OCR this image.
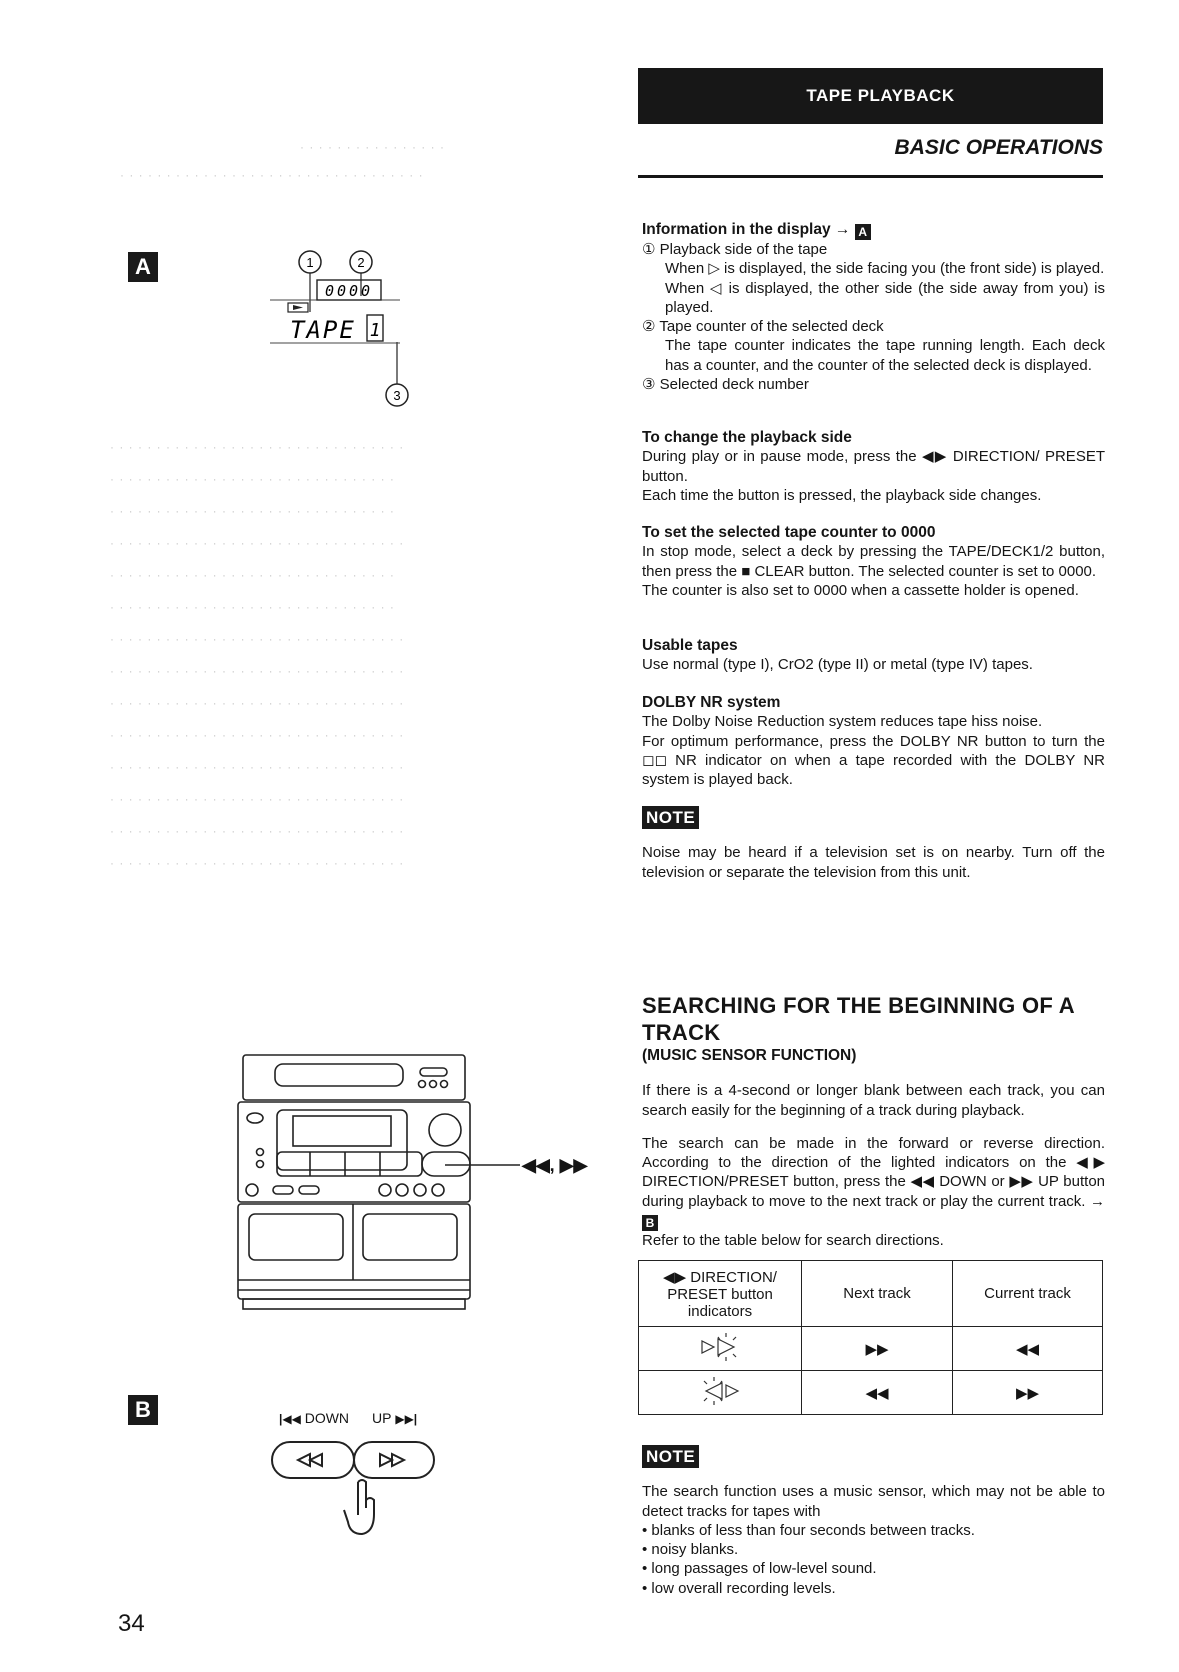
TAPE PLAYBACK
BASIC OPERATIONS
· · · · · · · · · · · · · · · ·
· · · · · · · · · · · · · · · · · · · · · · · · · · · · · · · · ·
A	1	2
3
0000
TAPE 1
· · · · · · · · · · · · · · · · · · · · · · · · · · · · · · · ·
· · · · · · · · · · · · · · · · · · · · · · · · · · · · · · ·
· · · · · · · · · · · · · · · · · · · · · · · · · · · · · · ·
· · · · · · · · · · · · · · · · · · · · · · · · · · · · · · · ·
· · · · · · · · · · · · · · · · · · · · · · · · · · · · · · ·
· · · · · · · · · · · · · · · · · · · · · · · · · · · · · · ·
· · · · · · · · · · · · · · · · · · · · · · · · · · · · · · · ·
· · · · · · · · · · · · · · · · · · · · · · · · · · · · · · · ·
· · · · · · · · · · · · · · · · · · · · · · · · · · · · · · · ·
· · · · · · · · · · · · · · · · · · · · · · · · · · · · · · · ·
· · · · · · · · · · · · · · · · · · · · · · · · · · · · · · · ·
· · · · · · · · · · · · · · · · · · · · · · · · · · · · · · · ·
· · · · · · · · · · · · · · · · · · · · · · · · · · · · · · · ·
· · · · · · · · · · · · · · · · · · · · · · · · · · · · · · · ·
◀◀, ▶▶
B	|◀◀ DOWN UP ▶▶|
34

Information in the display → A

① Playback side of the tape

When ▷ is displayed, the side facing you (the front side) is played.

When ◁ is displayed, the other side (the side away from you) is played.

② Tape counter of the selected deck

The tape counter indicates the tape running length. Each deck has a counter, and the counter of the selected deck is displayed.

③ Selected deck number

To change the playback side

During play or in pause mode, press the ◀▶ DIRECTION/ PRESET button.

Each time the button is pressed, the playback side changes.

To set the selected tape counter to 0000

In stop mode, select a deck by pressing the TAPE/DECK1/2 button, then press the ■ CLEAR button. The selected counter is set to 0000.

The counter is also set to 0000 when a cassette holder is opened.

Usable tapes

Use normal (type I), CrO2 (type II) or metal (type IV) tapes.

DOLBY NR system

The Dolby Noise Reduction system reduces tape hiss noise.

For optimum performance, press the DOLBY NR button to turn the ◻◻ NR indicator on when a tape recorded with the DOLBY NR system is played back.

NOTE

Noise may be heard if a television set is on nearby. Turn off the television or separate the television from this unit.

SEARCHING FOR THE BEGINNING OF A TRACK

(MUSIC SENSOR FUNCTION)

If there is a 4-second or longer blank between each track, you can search easily for the beginning of a track during playback.

The search can be made in the forward or reverse direction. According to the direction of the lighted indicators on the ◀▶ DIRECTION/PRESET button, press the ◀◀ DOWN or ▶▶ UP button during playback to move to the next track or play the current track. → B

Refer to the table below for search directions.

◀▶ DIRECTION/ PRESET button indicators	Next track	Current track
	▶▶	◀◀
	◀◀	▶▶
NOTE

The search function uses a music sensor, which may not be able to detect tracks for tapes with

• blanks of less than four seconds between tracks.

• noisy blanks.

• long passages of low-level sound.

• low overall recording levels.
